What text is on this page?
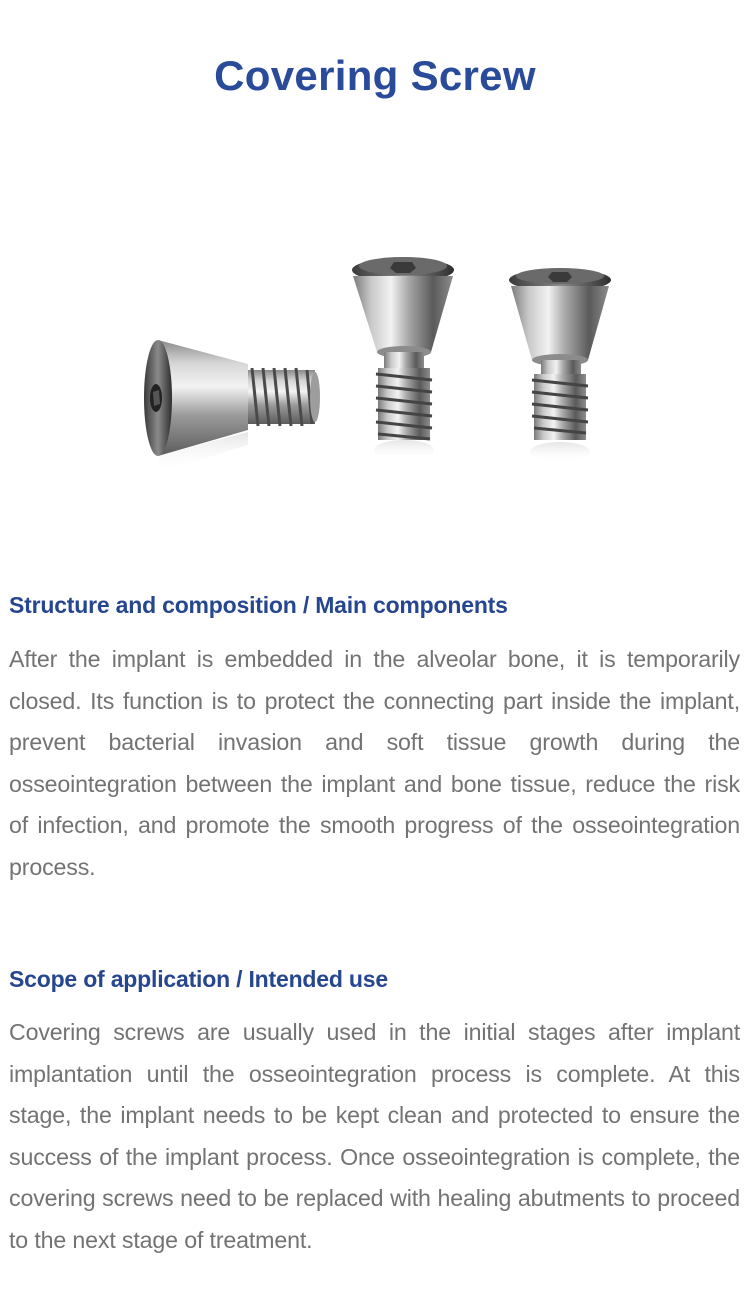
Covering Screw
Structure and composition / Main components

After the implant is embedded in the alveolar bone, it is temporarily closed. Its function is to protect the connecting part inside the implant, prevent bacterial invasion and soft tissue growth during the osseointegration between the implant and bone tissue, reduce the risk of infection, and promote the smooth progress of the osseointegration process.

Scope of application / Intended use

Covering screws are usually used in the initial stages after implant implantation until the osseointegration process is complete. At this stage, the implant needs to be kept clean and protected to ensure the success of the implant process. Once osseointegration is complete, the covering screws need to be replaced with healing abutments to proceed to the next stage of treatment.
